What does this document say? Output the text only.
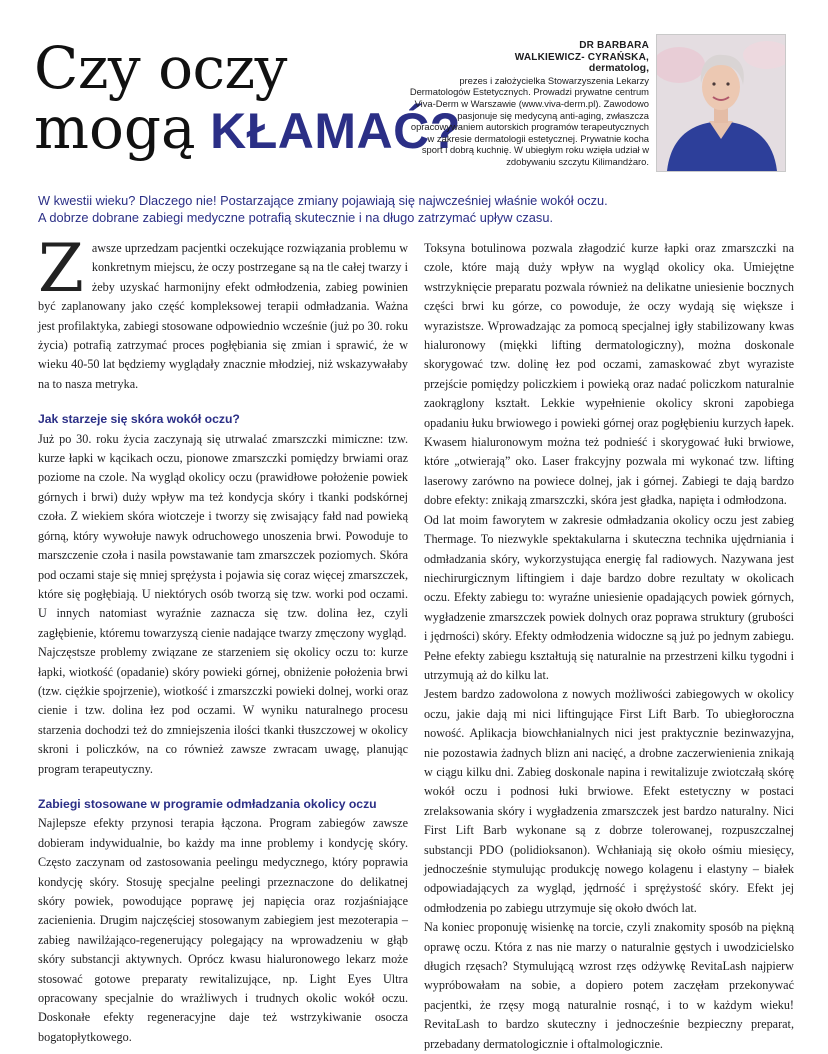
Czy oczy
mogą KŁAMAĆ?
DR BARBARA
WALKIEWICZ- CYRAŃSKA,
dermatolog,
prezes i założycielka Stowarzyszenia Lekarzy Dermatologów Estetycznych. Prowadzi prywatne centrum Viva-Derm w Warszawie (www.viva-derm.pl). Zawodowo pasjonuje się medycyną anti-aging, zwłaszcza opracowywaniem autorskich programów terapeutycznych w zakresie dermatologii estetycznej. Prywatnie kocha sport i dobrą kuchnię. W ubiegłym roku wzięła udział w zdobywaniu szczytu Kilimandżaro.
W kwestii wieku? Dlaczego nie! Postarzające zmiany pojawiają się najwcześniej właśnie wokół oczu.
A dobrze dobrane zabiegi medyczne potrafią skutecznie i na długo zatrzymać upływ czasu.
Z awsze uprzedzam pacjentki oczekujące rozwiązania problemu w konkretnym miejscu, że oczy postrzegane są na tle całej twarzy i żeby uzyskać harmonijny efekt odmłodzenia, zabieg powinien być zaplanowany jako część kompleksowej terapii odmładzania. Ważna jest profilaktyka, zabiegi stosowane odpowiednio wcześnie (już po 30. roku życia) potrafią zatrzymać proces pogłębiania się zmian i sprawić, że w wieku 40-50 lat będziemy wyglądały znacznie młodziej, niż wskazywałaby na to nasza metryka.

Jak starzeje się skóra wokół oczu?

Już po 30. roku życia zaczynają się utrwalać zmarszczki mimiczne: tzw. kurze łapki w kącikach oczu, pionowe zmarszczki pomiędzy brwiami oraz poziome na czole. Na wygląd okolicy oczu (prawidłowe położenie powiek górnych i brwi) duży wpływ ma też kondycja skóry i tkanki podskórnej czoła. Z wiekiem skóra wiotczeje i tworzy się zwisający fałd nad powieką górną, który wywołuje nawyk odruchowego unoszenia brwi. Powoduje to marszczenie czoła i nasila powstawanie tam zmarszczek poziomych. Skóra pod oczami staje się mniej sprężysta i pojawia się coraz więcej zmarszczek, które się pogłębiają. U niektórych osób tworzą się tzw. worki pod oczami. U innych natomiast wyraźnie zaznacza się tzw. dolina łez, czyli zagłębienie, któremu towarzyszą cienie nadające twarzy zmęczony wygląd.

Najczęstsze problemy związane ze starzeniem się okolicy oczu to: kurze łapki, wiotkość (opadanie) skóry powieki górnej, obniżenie położenia brwi (tzw. ciężkie spojrzenie), wiotkość i zmarszczki powieki dolnej, worki oraz cienie i tzw. dolina łez pod oczami. W wyniku naturalnego procesu starzenia dochodzi też do zmniejszenia ilości tkanki tłuszczowej w okolicy skroni i policzków, na co również zawsze zwracam uwagę, planując program terapeutyczny.

Zabiegi stosowane w programie odmładzania okolicy oczu

Najlepsze efekty przynosi terapia łączona. Program zabiegów zawsze dobieram indywidualnie, bo każdy ma inne problemy i kondycję skóry. Często zaczynam od zastosowania peelingu medycznego, który poprawia kondycję skóry. Stosuję specjalne peelingi przeznaczone do delikatnej skóry powiek, powodujące poprawę jej napięcia oraz rozjaśniające zacienienia. Drugim najczęściej stosowanym zabiegiem jest mezoterapia – zabieg nawilżająco-regenerujący polegający na wprowadzeniu w głąb skóry substancji aktywnych. Oprócz kwasu hialuronowego lekarz może stosować gotowe preparaty rewitalizujące, np. Light Eyes Ultra opracowany specjalnie do wrażliwych i trudnych okolic wokół oczu. Doskonałe efekty regeneracyjne daje też wstrzykiwanie osocza bogatopłytkowego.

Toksyna botulinowa pozwala złagodzić kurze łapki oraz zmarszczki na czole, które mają duży wpływ na wygląd okolicy oka. Umiejętne wstrzyknięcie preparatu pozwala również na delikatne uniesienie bocznych części brwi ku górze, co powoduje, że oczy wydają się większe i wyrazistsze. Wprowadzając za pomocą specjalnej igły stabilizowany kwas hialuronowy (miękki lifting dermatologiczny), można doskonale skorygować tzw. dolinę łez pod oczami, zamaskować zbyt wyraziste przejście pomiędzy policzkiem i powieką oraz nadać policzkom naturalnie zaokrąglony kształt. Lekkie wypełnienie okolicy skroni zapobiega opadaniu łuku brwiowego i powieki górnej oraz pogłębieniu kurzych łapek. Kwasem hialuronowym można też podnieść i skorygować łuki brwiowe, które „otwierają” oko. Laser frakcyjny pozwala mi wykonać tzw. lifting laserowy zarówno na powiece dolnej, jak i górnej. Zabiegi te dają bardzo dobre efekty: znikają zmarszczki, skóra jest gładka, napięta i odmłodzona.

Od lat moim faworytem w zakresie odmładzania okolicy oczu jest zabieg Thermage. To niezwykle spektakularna i skuteczna technika ujędrniania i odmładzania skóry, wykorzystująca energię fal radiowych. Nazywana jest niechirurgicznym liftingiem i daje bardzo dobre rezultaty w okolicach oczu. Efekty zabiegu to: wyraźne uniesienie opadających powiek górnych, wygładzenie zmarszczek powiek dolnych oraz poprawa struktury (grubości i jędrności) skóry. Efekty odmłodzenia widoczne są już po jednym zabiegu. Pełne efekty zabiegu kształtują się naturalnie na przestrzeni kilku tygodni i utrzymują aż do kilku lat.

Jestem bardzo zadowolona z nowych możliwości zabiegowych w okolicy oczu, jakie dają mi nici liftingujące First Lift Barb. To ubiegłoroczna nowość. Aplikacja biowchłanialnych nici jest praktycznie bezinwazyjna, nie pozostawia żadnych blizn ani nacięć, a drobne zaczerwienienia znikają w ciągu kilku dni. Zabieg doskonale napina i rewitalizuje zwiotczałą skórę wokół oczu i podnosi łuki brwiowe. Efekt estetyczny w postaci zrelaksowania skóry i wygładzenia zmarszczek jest bardzo naturalny. Nici First Lift Barb wykonane są z dobrze tolerowanej, rozpuszczalnej substancji PDO (polidioksanon). Wchłaniają się około ośmiu miesięcy, jednocześnie stymulując produkcję nowego kolagenu i elastyny – białek odpowiadających za wygląd, jędrność i sprężystość skóry. Efekt jej odmłodzenia po zabiegu utrzymuje się około dwóch lat.

Na koniec proponuję wisienkę na torcie, czyli znakomity sposób na piękną oprawę oczu. Która z nas nie marzy o naturalnie gęstych i uwodzicielsko długich rzęsach? Stymulującą wzrost rzęs odżywkę RevitaLash najpierw wypróbowałam na sobie, a dopiero potem zaczęłam przekonywać pacjentki, że rzęsy mogą naturalnie rosnąć, i to w każdym wieku! RevitaLash to bardzo skuteczny i jednocześnie bezpieczny preparat, przebadany dermatologicznie i oftalmologicznie.
